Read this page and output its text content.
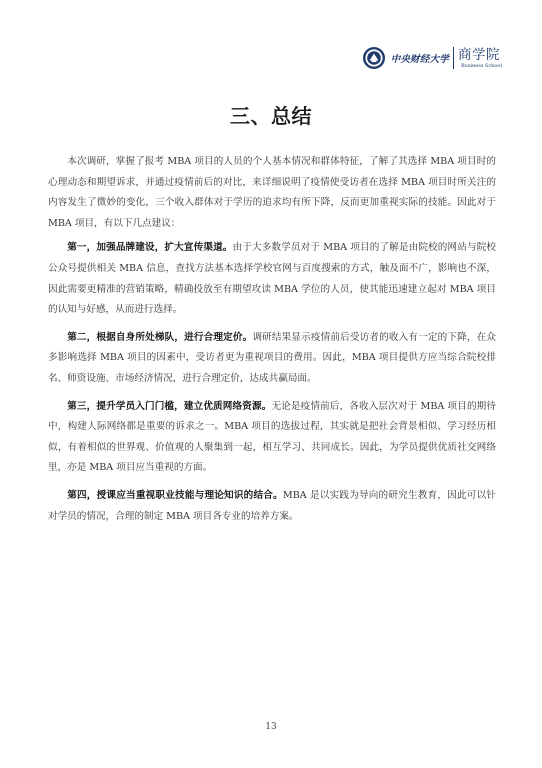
中央财经大学 商学院
Business School
三、总结

本次调研，掌握了报考 MBA 项目的人员的个人基本情况和群体特征，了解了其选择 MBA 项目时的心理动态和期望诉求，并通过疫情前后的对比，来详细说明了疫情使受访者在选择 MBA 项目时所关注的内容发生了微妙的变化，三个收入群体对于学历的追求均有所下降，反而更加重视实际的技能。因此对于 MBA 项目，有以下几点建议：

第一，加强品牌建设，扩大宣传渠道。由于大多数学员对于 MBA 项目的了解是由院校的网站与院校公众号提供相关 MBA 信息，查找方法基本选择学校官网与百度搜索的方式，触及面不广，影响也不深，因此需要更精准的营销策略，精确投放至有期望攻读 MBA 学位的人员，使其能迅速建立起对 MBA 项目的认知与好感，从而进行选择。

第二，根据自身所处梯队，进行合理定价。调研结果显示疫情前后受访者的收入有一定的下降，在众多影响选择 MBA 项目的因素中，受访者更为重视项目的费用。因此，MBA 项目提供方应当综合院校排名、师资设施、市场经济情况，进行合理定价，达成共赢局面。

第三，提升学员入门门槛，建立优质网络资源。无论是疫情前后，各收入层次对于 MBA 项目的期待中，构建人际网络都是重要的诉求之一。MBA 项目的选拔过程，其实就是把社会背景相似、学习经历相似，有着相似的世界观、价值观的人聚集到一起，相互学习、共同成长。因此，为学员提供优质社交网络里，亦是 MBA 项目应当重视的方面。

第四，授课应当重视职业技能与理论知识的结合。MBA 是以实践为导向的研究生教育，因此可以针对学员的情况，合理的制定 MBA 项目各专业的培养方案。

13
